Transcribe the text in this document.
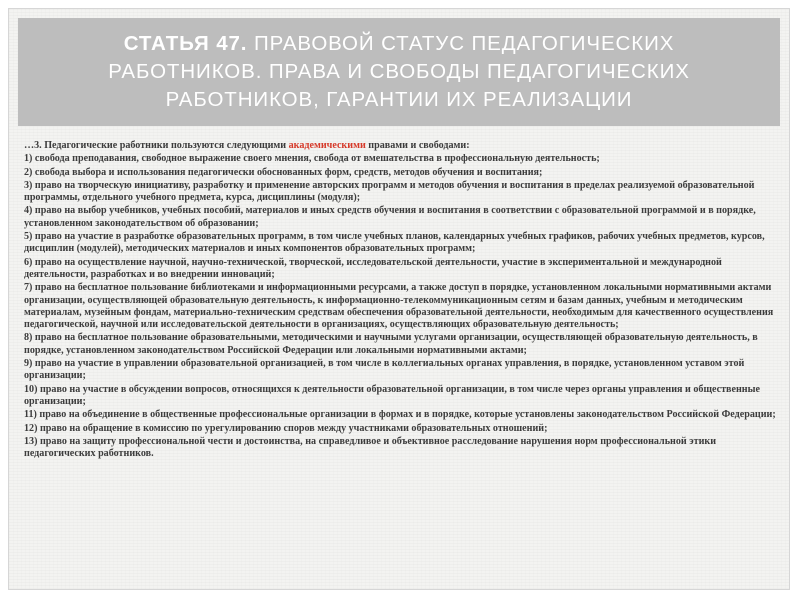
СТАТЬЯ 47. ПРАВОВОЙ СТАТУС ПЕДАГОГИЧЕСКИХ РАБОТНИКОВ. ПРАВА И СВОБОДЫ ПЕДАГОГИЧЕСКИХ РАБОТНИКОВ, ГАРАНТИИ ИХ РЕАЛИЗАЦИИ

…3. Педагогические работники пользуются следующими академическими правами и свободами:

1) свобода преподавания, свободное выражение своего мнения, свобода от вмешательства в профессиональную деятельность;

2) свобода выбора и использования педагогически обоснованных форм, средств, методов обучения и воспитания;

3) право на творческую инициативу, разработку и применение авторских программ и методов обучения и воспитания в пределах реализуемой образовательной программы, отдельного учебного предмета, курса, дисциплины (модуля);

4) право на выбор учебников, учебных пособий, материалов и иных средств обучения и воспитания в соответствии с образовательной программой и в порядке, установленном законодательством об образовании;

5) право на участие в разработке образовательных программ, в том числе учебных планов, календарных учебных графиков, рабочих учебных предметов, курсов, дисциплин (модулей), методических материалов и иных компонентов образовательных программ;

6) право на осуществление научной, научно-технической, творческой, исследовательской деятельности, участие в экспериментальной и международной деятельности, разработках и во внедрении инноваций;

7) право на бесплатное пользование библиотеками и информационными ресурсами, а также доступ в порядке, установленном локальными нормативными актами организации, осуществляющей образовательную деятельность, к информационно-телекоммуникационным сетям и базам данных, учебным и методическим материалам, музейным фондам, материально-техническим средствам обеспечения образовательной деятельности, необходимым для качественного осуществления педагогической, научной или исследовательской деятельности в организациях, осуществляющих образовательную деятельность;

8) право на бесплатное пользование образовательными, методическими и научными услугами организации, осуществляющей образовательную деятельность, в порядке, установленном законодательством Российской Федерации или локальными нормативными актами;

9) право на участие в управлении образовательной организацией, в том числе в коллегиальных органах управления, в порядке, установленном уставом этой организации;

10) право на участие в обсуждении вопросов, относящихся к деятельности образовательной организации, в том числе через органы управления и общественные организации;

11) право на объединение в общественные профессиональные организации в формах и в порядке, которые установлены законодательством Российской Федерации;

12) право на обращение в комиссию по урегулированию споров между участниками образовательных отношений;

13) право на защиту профессиональной чести и достоинства, на справедливое и объективное расследование нарушения норм профессиональной этики педагогических работников.
